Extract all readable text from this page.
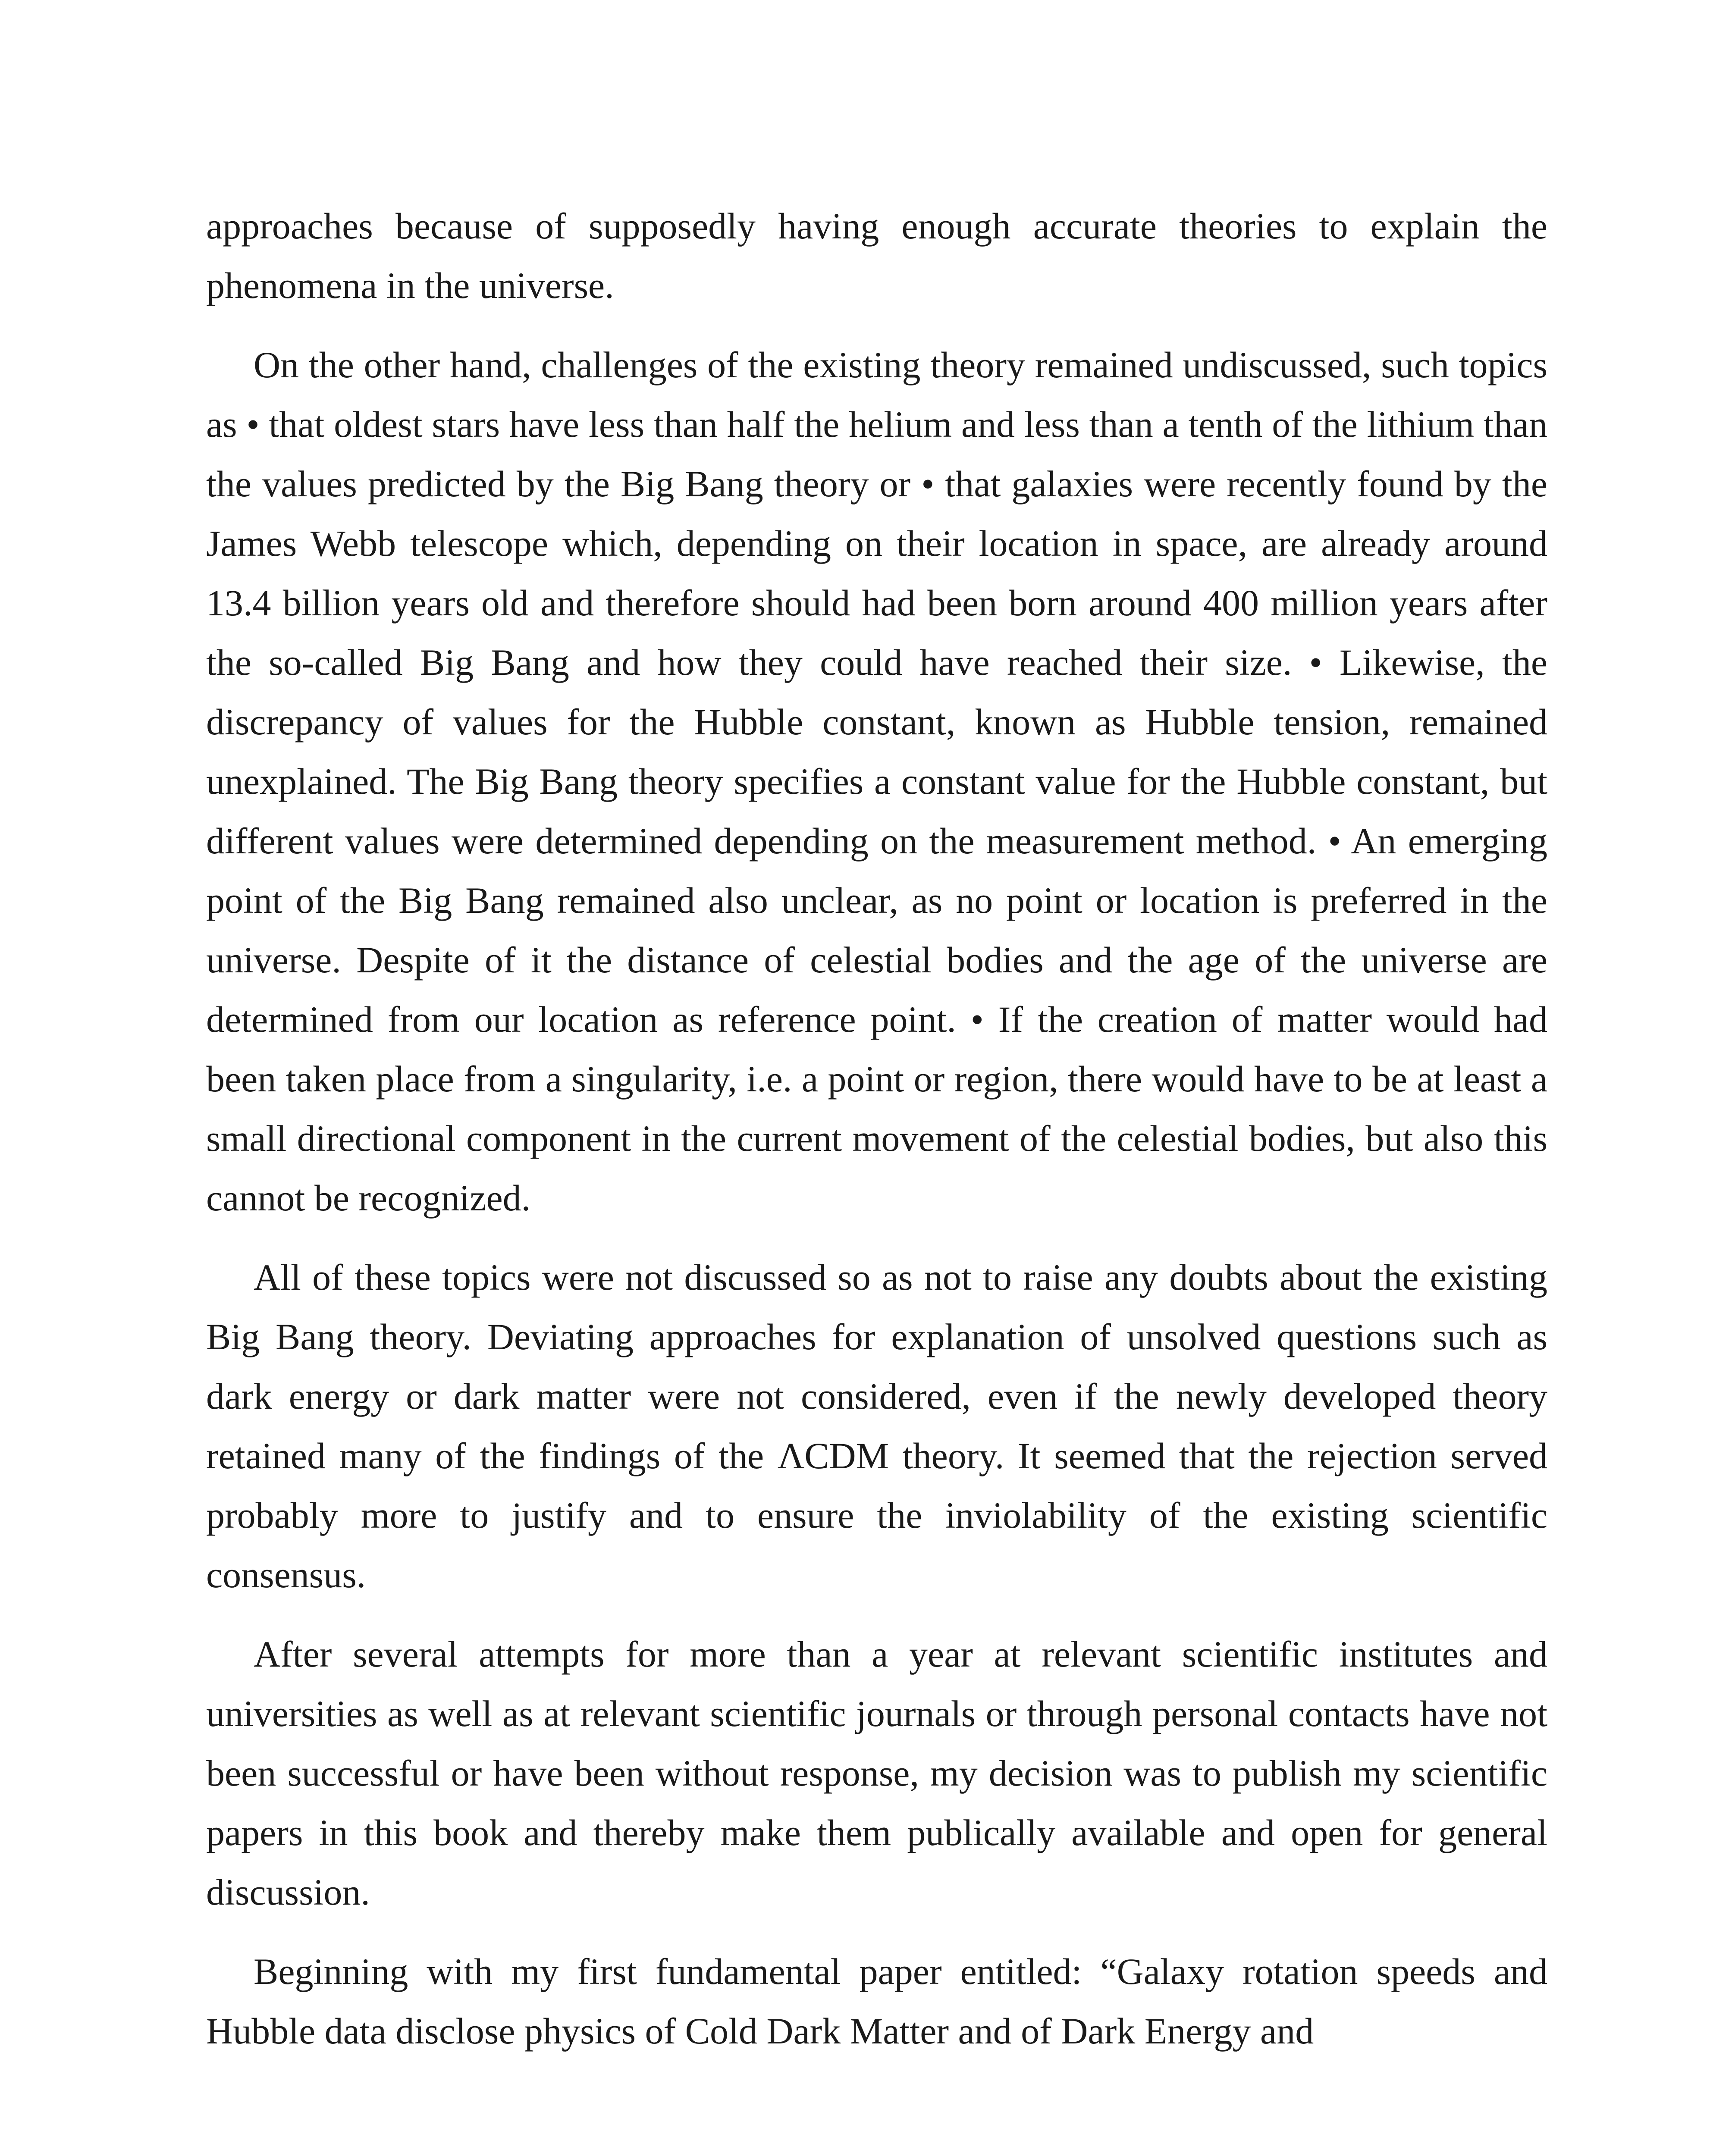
approaches because of supposedly having enough accurate theories to explain the phenomena in the universe.

On the other hand, challenges of the existing theory remained undiscussed, such topics as • that oldest stars have less than half the helium and less than a tenth of the lithium than the values predicted by the Big Bang theory or • that galaxies were recently found by the James Webb telescope which, depending on their location in space, are already around 13.4 billion years old and therefore should had been born around 400 million years after the so-called Big Bang and how they could have reached their size. • Likewise, the discrepancy of values for the Hubble constant, known as Hubble tension, remained unexplained. The Big Bang theory specifies a constant value for the Hubble constant, but different values were determined depending on the measurement method. • An emerging point of the Big Bang remained also unclear, as no point or location is preferred in the universe. Despite of it the distance of celestial bodies and the age of the universe are determined from our location as reference point. • If the creation of matter would had been taken place from a singularity, i.e. a point or region, there would have to be at least a small directional component in the current movement of the celestial bodies, but also this cannot be recognized.

All of these topics were not discussed so as not to raise any doubts about the existing Big Bang theory. Deviating approaches for explanation of unsolved questions such as dark energy or dark matter were not considered, even if the newly developed theory retained many of the findings of the ΛCDM theory. It seemed that the rejection served probably more to justify and to ensure the inviolability of the existing scientific consensus.

After several attempts for more than a year at relevant scientific institutes and universities as well as at relevant scientific journals or through personal contacts have not been successful or have been without response, my decision was to publish my scientific papers in this book and thereby make them publically available and open for general discussion.

Beginning with my first fundamental paper entitled: “Galaxy rotation speeds and Hubble data disclose physics of Cold Dark Matter and of Dark Energy and
